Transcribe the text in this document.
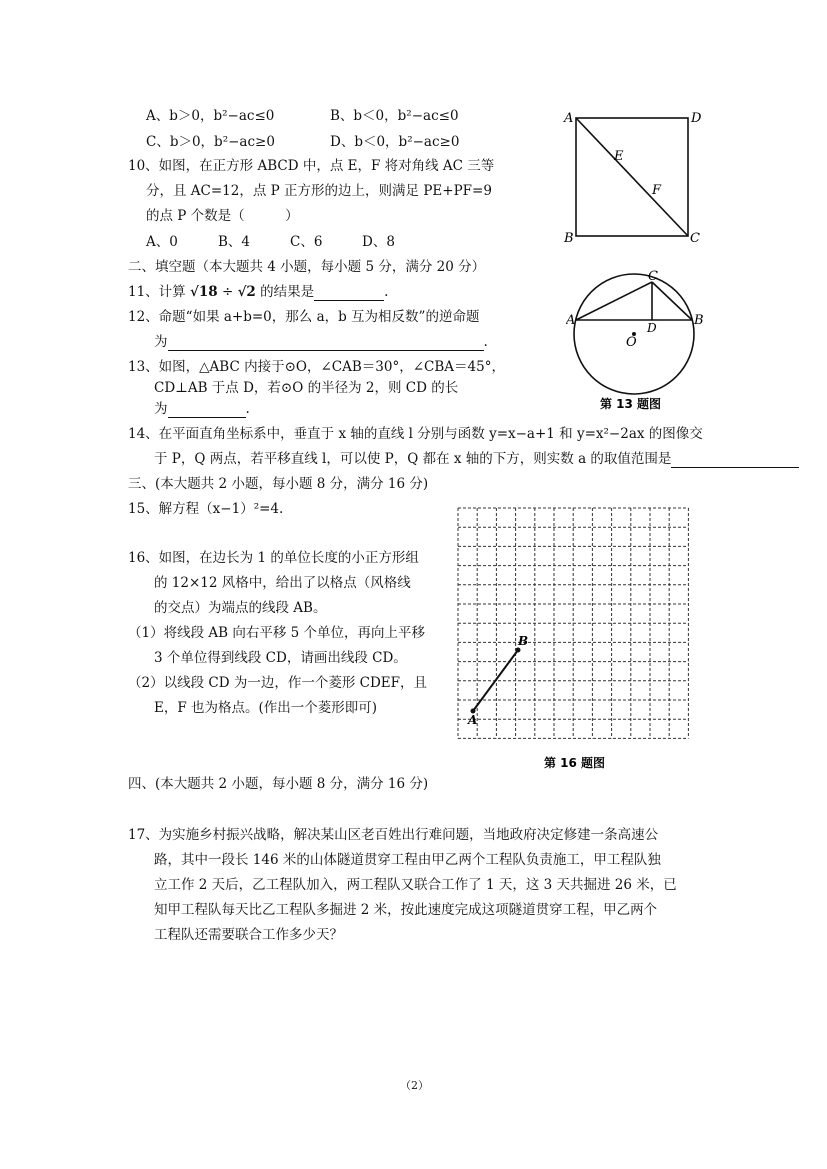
A、b＞0，b²−ac≤0	B、b＜0，b²−ac≤0
C、b＞0，b²−ac≥0	D、b＜0，b²−ac≥0
10、如图，在正方形 ABCD 中，点 E，F 将对角线 AC 三等
分，且 AC=12，点 P 正方形的边上，则满足 PE+PF=9
的点 P 个数是（　　　）
A、0	B、4	C、6	D、8
A	D
B	C
E
F
二、填空题（本大题共 4 小题，每小题 5 分，满分 20 分）
11、计算 √18 ÷ √2 的结果是	.
12、命题“如果 a+b=0，那么 a，b 互为相反数”的逆命题
为	.
13、如图，△ABC 内接于⊙O，∠CAB＝30°，∠CBA＝45°，
CD⊥AB 于点 D，若⊙O 的半径为 2，则 CD 的长
为	.
A	B
C
D
O
第 13 题图
14、在平面直角坐标系中，垂直于 x 轴的直线 l 分别与函数 y=x−a+1 和 y=x²−2ax 的图像交
于 P，Q 两点，若平移直线 l，可以使 P，Q 都在 x 轴的下方，则实数 a 的取值范围是
三、(本大题共 2 小题，每小题 8 分，满分 16 分)
15、解方程（x−1）²=4.
16、如图，在边长为 1 的单位长度的小正方形组
的 12×12 风格中，给出了以格点（风格线
的交点）为端点的线段 AB。
（1）将线段 AB 向右平移 5 个单位，再向上平移
3 个单位得到线段 CD，请画出线段 CD。
（2）以线段 CD 为一边，作一个菱形 CDEF，且
E，F 也为格点。(作出一个菱形即可)
A
B
第 16 题图
四、(本大题共 2 小题，每小题 8 分，满分 16 分)
17、为实施乡村振兴战略，解决某山区老百姓出行难问题，当地政府决定修建一条高速公
路，其中一段长 146 米的山体隧道贯穿工程由甲乙两个工程队负责施工，甲工程队独
立工作 2 天后，乙工程队加入，两工程队又联合工作了 1 天，这 3 天共掘进 26 米，已
知甲工程队每天比乙工程队多掘进 2 米，按此速度完成这项隧道贯穿工程，甲乙两个
工程队还需要联合工作多少天？
（2）
